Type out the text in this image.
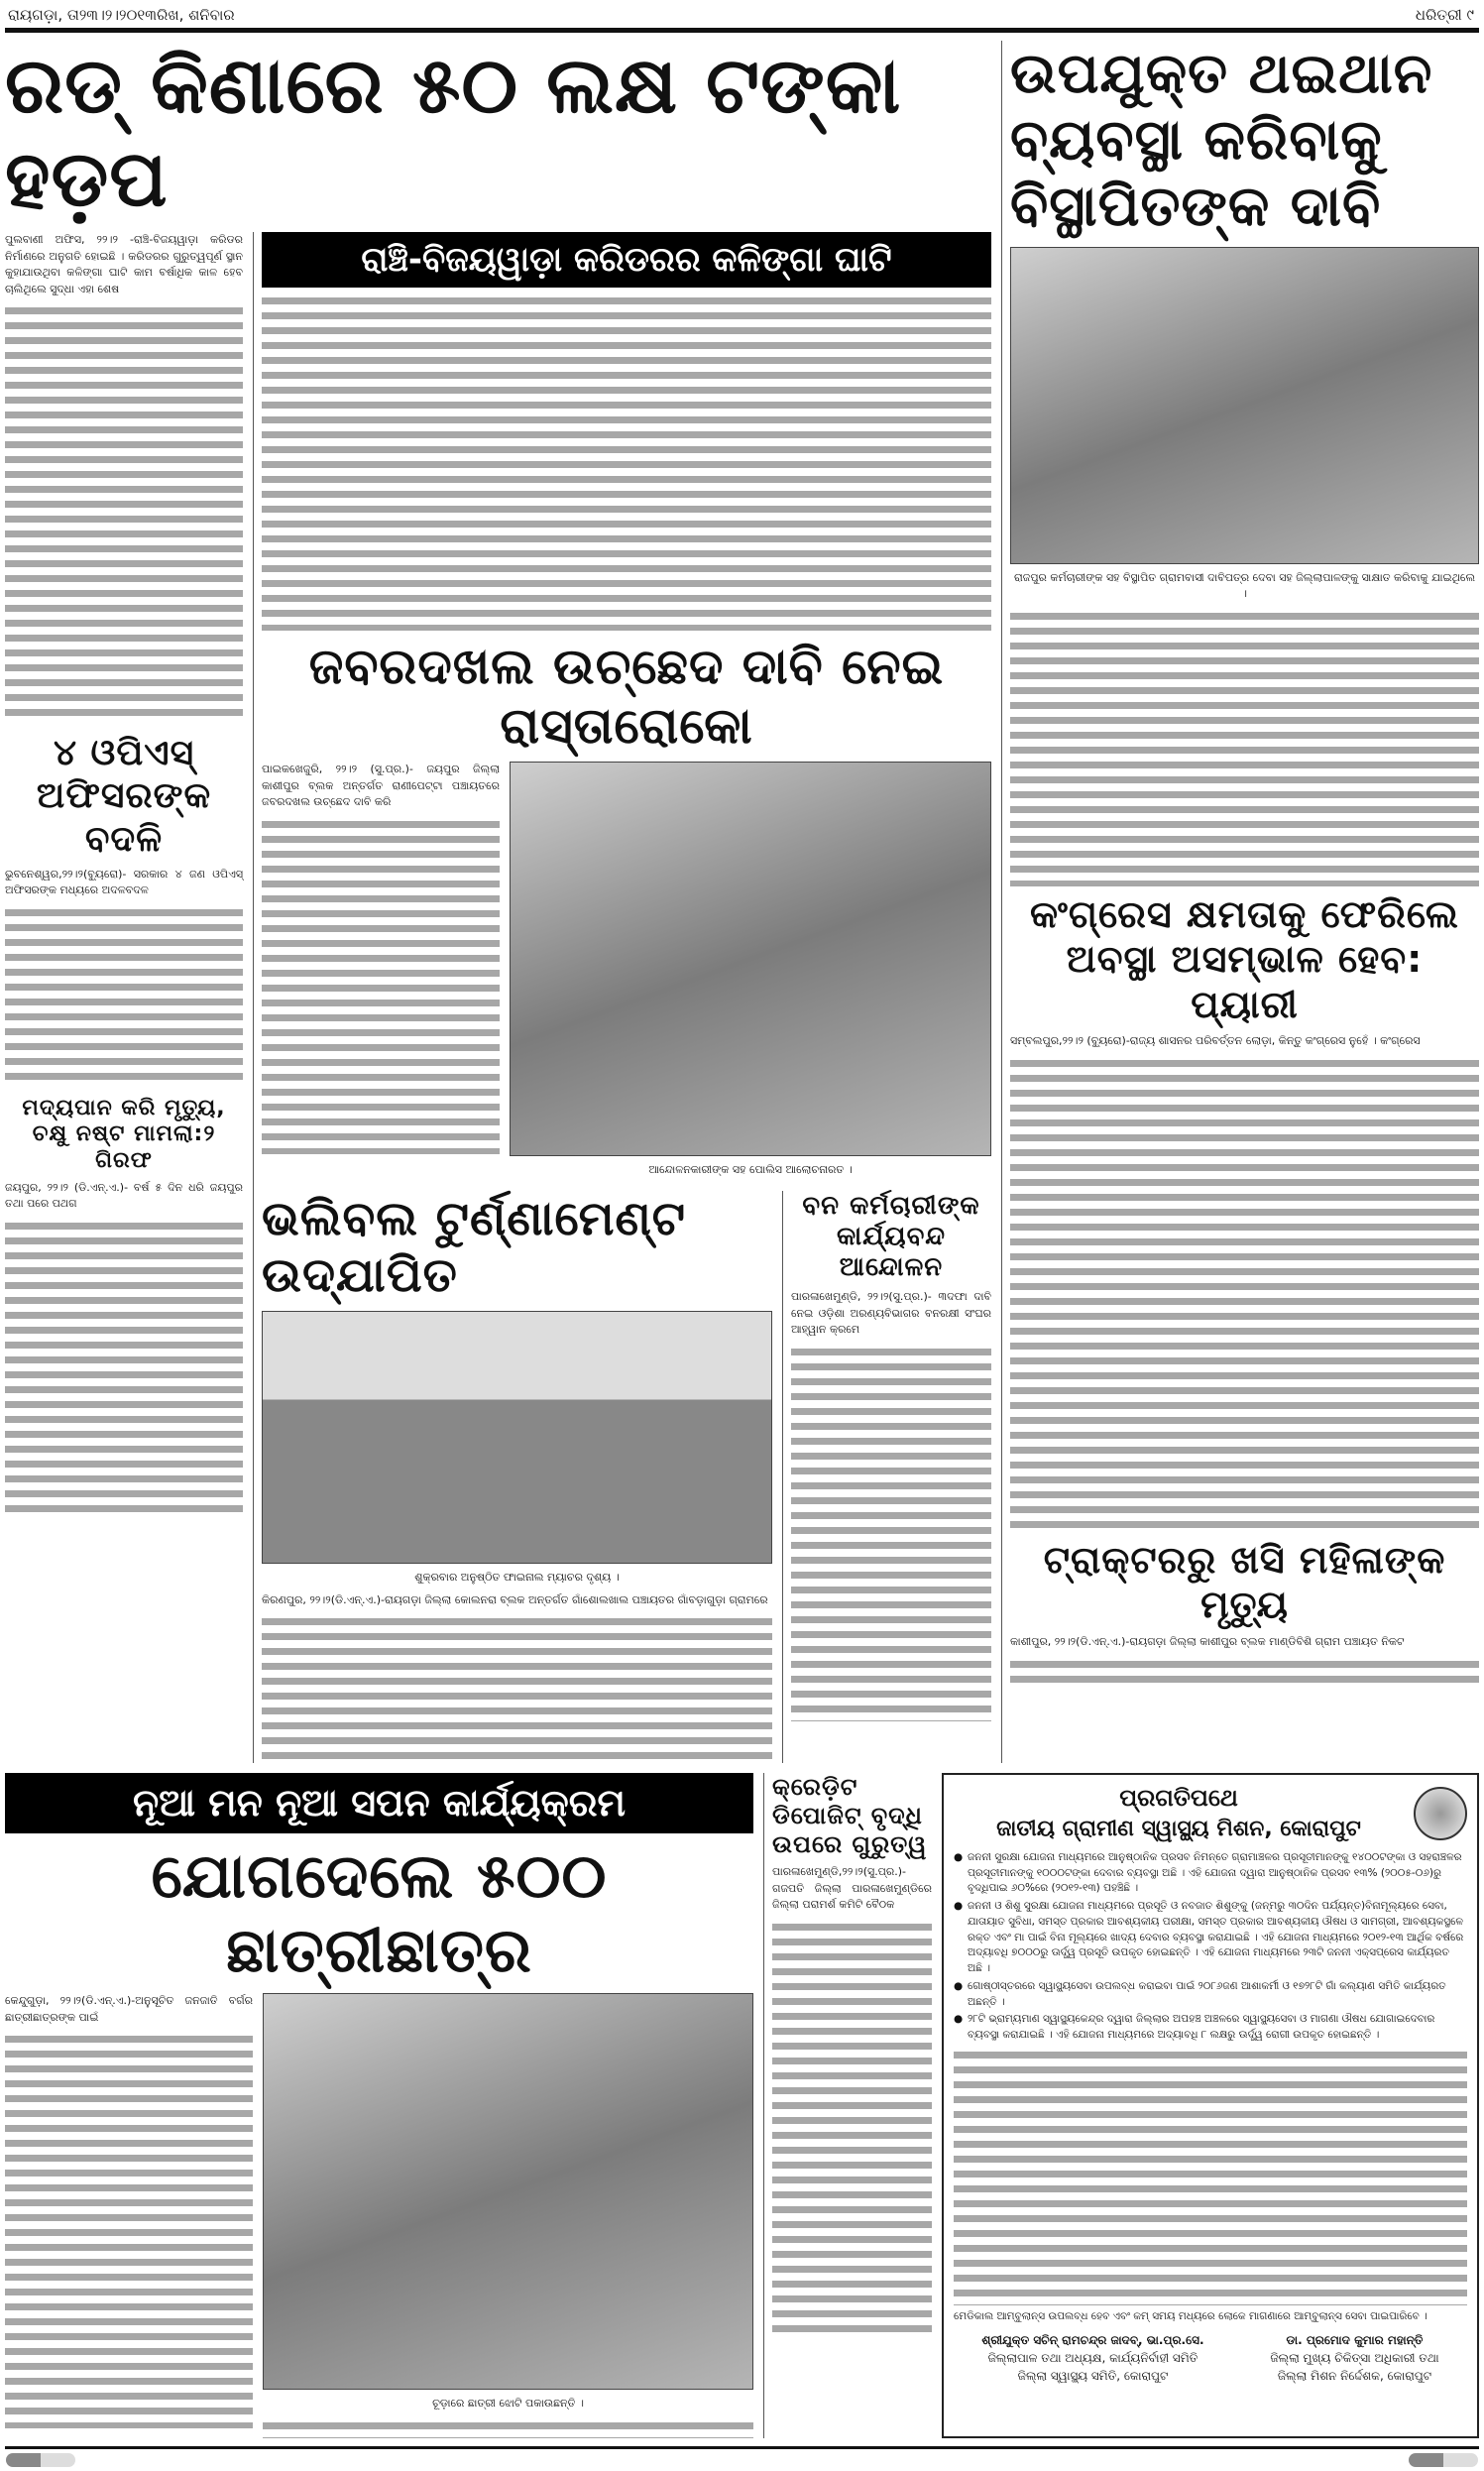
ରାୟଗଡ଼ା, ତା୨୩।୨।୨୦୧୩ରିଖ, ଶନିବାର	ଧରିତ୍ରୀ ୯
ରଡ୍ କିଣାରେ ୫୦ ଲକ୍ଷ ଟଙ୍କା ହଡ଼ପ
ପୁଲବାଣୀ ଅଫିସ, ୨୨।୨ -ରାଞ୍ଚି-ବିଜୟୱାଡ଼ା କରିଡର ନିର୍ମାଣରେ ଅନୁଗତି ହୋଇଛି । କରିଡରର ଗୁରୁତ୍ୱପୂର୍ଣ ସ୍ଥାନ କୁହାଯାଉଥିବା କଳିଙ୍ଗା ଘାଟି କାମ ବର୍ଷାଧିକ କାଳ ହେବ ଚାଲିଥିଲେ ସୁଦ୍ଧା ଏହା ଶେଷ
୪ ଓପିଏସ୍ ଅଫିସରଙ୍କ ବଦଳି
ଭୁବନେଶ୍ୱର,୨୨।୨(ବ୍ୟୁରୋ)- ସରକାର ୪ ଜଣ ଓପିଏସ୍ ଅଫିସରଙ୍କ ମଧ୍ୟରେ ଅଦଳବଦଳ
ମଦ୍ୟପାନ କରି ମୃତ୍ୟୁ, ଚକ୍ଷୁ ନଷ୍ଟ ମାମଲା:୨ ଗିରଫ
ଜୟପୁର, ୨୨।୨ (ଡି.ଏନ୍.ଏ.)- ବର୍ଷ ୫ ଦିନ ଧରି ଜୟପୁର ତଥା ପରେ ପଥଗ
ରାଞ୍ଚି-ବିଜୟୱାଡ଼ା କରିଡରର କଳିଙ୍ଗା ଘାଟି
ଜବରଦଖଲ ଉଚ୍ଛେଦ ଦାବି ନେଇ ରାସ୍ତାରୋକୋ
ପାଇକଖେଜୁରି, ୨୨।୨ (ସୁ.ପ୍ର.)- ଜୟପୁର ଜିଲ୍ଲା କାଶୀପୁର ବ୍ଲକ ଅନ୍ତର୍ଗତ ରାଣୀପେଟ୍ଟା ପଞ୍ଚାୟତରେ ଜବରଦଖଲ ଉଚ୍ଛେଦ ଦାବି କରି
ଆନ୍ଦୋଳନକାରୀଙ୍କ ସହ ପୋଲିସ ଆଲୋଚନାରତ ।
ଭଲିବଲ ଟୁର୍ଣ୍ଣାମେଣ୍ଟ ଉଦ୍ଯାପିତ
ଶୁକ୍ରବାର ଅନୁଷ୍ଠିତ ଫାଇନାଲ ମ୍ୟାଚର ଦୃଶ୍ୟ ।
କିରଣପୁର, ୨୨।୨(ଡି.ଏନ୍.ଏ.)-ରାୟଗଡ଼ା ଜିଲ୍ଲା କୋଲନରା ବ୍ଲକ ଅନ୍ତର୍ଗତ ଗାଁଶୋଲଖାଲ ପଞ୍ଚାୟତର ଗାଁବଡ଼ାଗୁଡ଼ା ଗ୍ରାମରେ
ବନ କର୍ମଚାରୀଙ୍କ କାର୍ଯ୍ୟବନ୍ଦ ଆନ୍ଦୋଳନ
ପାରଳାଖେମୁଣ୍ଡି, ୨୨।୨(ସୁ.ପ୍ର.)- ୩ଦଫା ଦାବି ନେଇ ଓଡ଼ିଶା ଅରଣ୍ୟବିଭାଗର ବନରକ୍ଷୀ ସଂଘର ଆହ୍ୱାନ କ୍ରମେ
ଉପଯୁକ୍ତ ଥଇଥାନ ବ୍ୟବସ୍ଥା କରିବାକୁ ବିସ୍ଥାପିତଙ୍କ ଦାବି
ରାଜପୁର କର୍ମଚାରୀଙ୍କ ସହ ବିସ୍ଥାପିତ ଗ୍ରାମବାସୀ ଦାବିପତ୍ର ଦେବା ସହ ଜିଲ୍ଲାପାଳଙ୍କୁ ସାକ୍ଷାତ କରିବାକୁ ଯାଇଥିଲେ ।
କଂଗ୍ରେସ କ୍ଷମତାକୁ ଫେରିଲେ ଅବସ୍ଥା ଅସମ୍ଭାଳ ହେବ: ପ୍ୟାରୀ
ସମ୍ବଲପୁର,୨୨।୨ (ବ୍ୟୁରୋ)-ରାଜ୍ୟ ଶାସନର ପରିବର୍ତ୍ତନ ଲୋଡ଼ା, କିନ୍ତୁ କଂଗ୍ରେସ ନୁହେଁ । କଂଗ୍ରେସ
ଟ୍ରାକ୍ଟରରୁ ଖସି ମହିଳାଙ୍କ ମୃତ୍ୟୁ
କାଶୀପୁର, ୨୨।୨(ଡି.ଏନ୍.ଏ.)-ରାୟଗଡ଼ା ଜିଲ୍ଲା କାଶୀପୁର ବ୍ଲକ ମାଣ୍ଡିବିଶି ଗ୍ରାମ ପଞ୍ଚାୟତ ନିକଟ
ନୂଆ ମନ ନୂଆ ସପନ କାର୍ଯ୍ୟକ୍ରମ
ଯୋଗଦେଲେ ୫୦୦ ଛାତ୍ରୀଛାତ୍ର
କେନ୍ଦୁଗୁଡ଼ା, ୨୨।୨(ଡି.ଏନ୍.ଏ.)-ଅନୁସୂଚିତ ଜନଜାତି ବର୍ଗର ଛାତ୍ରୀଛାତ୍ରଙ୍କ ପାଇଁ
ଚୂଡ଼ାରେ ଛାତ୍ରୀ ଝୋଟି ପକାଉଛନ୍ତି ।
କ୍ରେଡ଼ିଟ ଡିପୋଜିଟ୍ ବୃଦ୍ଧି ଉପରେ ଗୁରୁତ୍ୱ
ପାରଳାଖେମୁଣ୍ଡି,୨୨।୨(ସୁ.ପ୍ର.)- ଗଜପତି ଜିଲ୍ଲା ପାରଳାଖେମୁଣ୍ଡିରେ ଜିଲ୍ଲା ପରାମର୍ଶ କମିଟି ବୈଠକ
ପ୍ରଗତିପଥେ
ଜାତୀୟ ଗ୍ରାମୀଣ ସ୍ୱାସ୍ଥ୍ୟ ମିଶନ, କୋରାପୁଟ
● ଜନନୀ ସୁରକ୍ଷା ଯୋଜନା ମାଧ୍ୟମରେ ଆନୁଷ୍ଠାନିକ ପ୍ରସବ ନିମନ୍ତେ ଗ୍ରାମାଞ୍ଚଳର ପ୍ରସୂତୀମାନଙ୍କୁ ୧୪୦୦ଟଙ୍କା ଓ ସହରାଞ୍ଚଳର ପ୍ରସୂତୀମାନଙ୍କୁ ୧୦୦୦ଟଙ୍କା ଦେବାର ବ୍ୟବସ୍ଥା ଅଛି । ଏହି ଯୋଜନା ଦ୍ୱାରା ଆନୁଷ୍ଠାନିକ ପ୍ରସବ ୧୩% (୨୦୦୫-୦୬)ରୁ ବୃଦ୍ଧିପାଇ ୬୦%ରେ (୨୦୧୨-୧୩) ପହଞ୍ଚିଛି ।
● ଜନନୀ ଓ ଶିଶୁ ସୁରକ୍ଷା ଯୋଜନା ମାଧ୍ୟମରେ ପ୍ରସୂତି ଓ ନବଜାତ ଶିଶୁଙ୍କୁ (ଜନ୍ମରୁ ୩୦ଦିନ ପର୍ଯ୍ୟନ୍ତ)ବିନାମୂଲ୍ୟରେ ସେବା, ଯାତାୟାତ ସୁବିଧା, ସମସ୍ତ ପ୍ରକାର ଆବଶ୍ୟକୀୟ ପରୀକ୍ଷା, ସମସ୍ତ ପ୍ରକାର ଆବଶ୍ୟକୀୟ ଔଷଧ ଓ ସାମଗ୍ରୀ, ଆବଶ୍ୟକସ୍ଥଳେ ରକ୍ତ ଏବଂ ମା ପାଇଁ ବିନା ମୂଲ୍ୟରେ ଖାଦ୍ୟ ଦେବାର ବ୍ୟବସ୍ଥା କରାଯାଇଛି । ଏହି ଯୋଜନା ମାଧ୍ୟମରେ ୨୦୧୨-୧୩ ଆର୍ଥିକ ବର୍ଷରେ ଅଦ୍ୟାବଧି ୭୦୦୦ରୁ ଊର୍ଦ୍ଧ୍ୱ ପ୍ରସୂତି ଉପକୃତ ହୋଇଛନ୍ତି । ଏହି ଯୋଜନା ମାଧ୍ୟମରେ ୨୩ଟି ଜନନୀ ଏକ୍ସପ୍ରେସ କାର୍ଯ୍ୟରତ ଅଛି ।
● ଗୋଷ୍ଠୀସ୍ତରରେ ସ୍ୱାସ୍ଥ୍ୟସେବା ଉପଲବ୍ଧ କରାଇବା ପାଇଁ ୨୦୮୬ଜଣ ଆଶାକର୍ମୀ ଓ ୧୭୨୮ଟି ଗାଁ କଲ୍ୟାଣ ସମିତି କାର୍ଯ୍ୟରତ ଅଛନ୍ତି ।
● ୨୮ଟି ଭ୍ରାମ୍ୟମାଣ ସ୍ୱାସ୍ଥ୍ୟକେନ୍ଦ୍ର ଦ୍ୱାରା ଜିଲ୍ଲାର ଅପହଞ୍ଚ ଅଞ୍ଚଳରେ ସ୍ୱାସ୍ଥ୍ୟସେବା ଓ ମାଗଣା ଔଷଧ ଯୋଗାଇଦେବାର ବ୍ୟବସ୍ଥା କରାଯାଇଛି । ଏହି ଯୋଜନା ମାଧ୍ୟମରେ ଅଦ୍ୟାବଧି ୮ ଲକ୍ଷରୁ ଊର୍ଦ୍ଧ୍ୱ ରୋଗୀ ଉପକୃତ ହୋଇଛନ୍ତି ।
ମେଡିକାଲ ଆମ୍ବୁଲାନ୍ସ ଉପଲବ୍ଧ ହେବ ଏବଂ କମ୍ ସମୟ ମଧ୍ୟରେ ଲୋକେ ମାଗଣାରେ ଆମ୍ବୁଲାନ୍ସ ସେବା ପାଇପାରିବେ ।
ଶ୍ରୀଯୁକ୍ତ ସଚିନ୍ ରାମଚନ୍ଦ୍ର ଜାଦବ୍, ଭା.ପ୍ର.ସେ.
ଜିଲ୍ଲାପାଳ ତଥା ଅଧ୍ୟକ୍ଷ, କାର୍ଯ୍ୟନିର୍ବାହୀ ସମିତି
ଜିଲ୍ଲା ସ୍ୱାସ୍ଥ୍ୟ ସମିତି, କୋରାପୁଟ
ଡା. ପ୍ରମୋଦ କୁମାର ମହାନ୍ତି
ଜିଲ୍ଲା ମୁଖ୍ୟ ଚିକିତ୍ସା ଅଧିକାରୀ ତଥା
ଜିଲ୍ଲା ମିଶନ ନିର୍ଦ୍ଦେଶକ, କୋରାପୁଟ
